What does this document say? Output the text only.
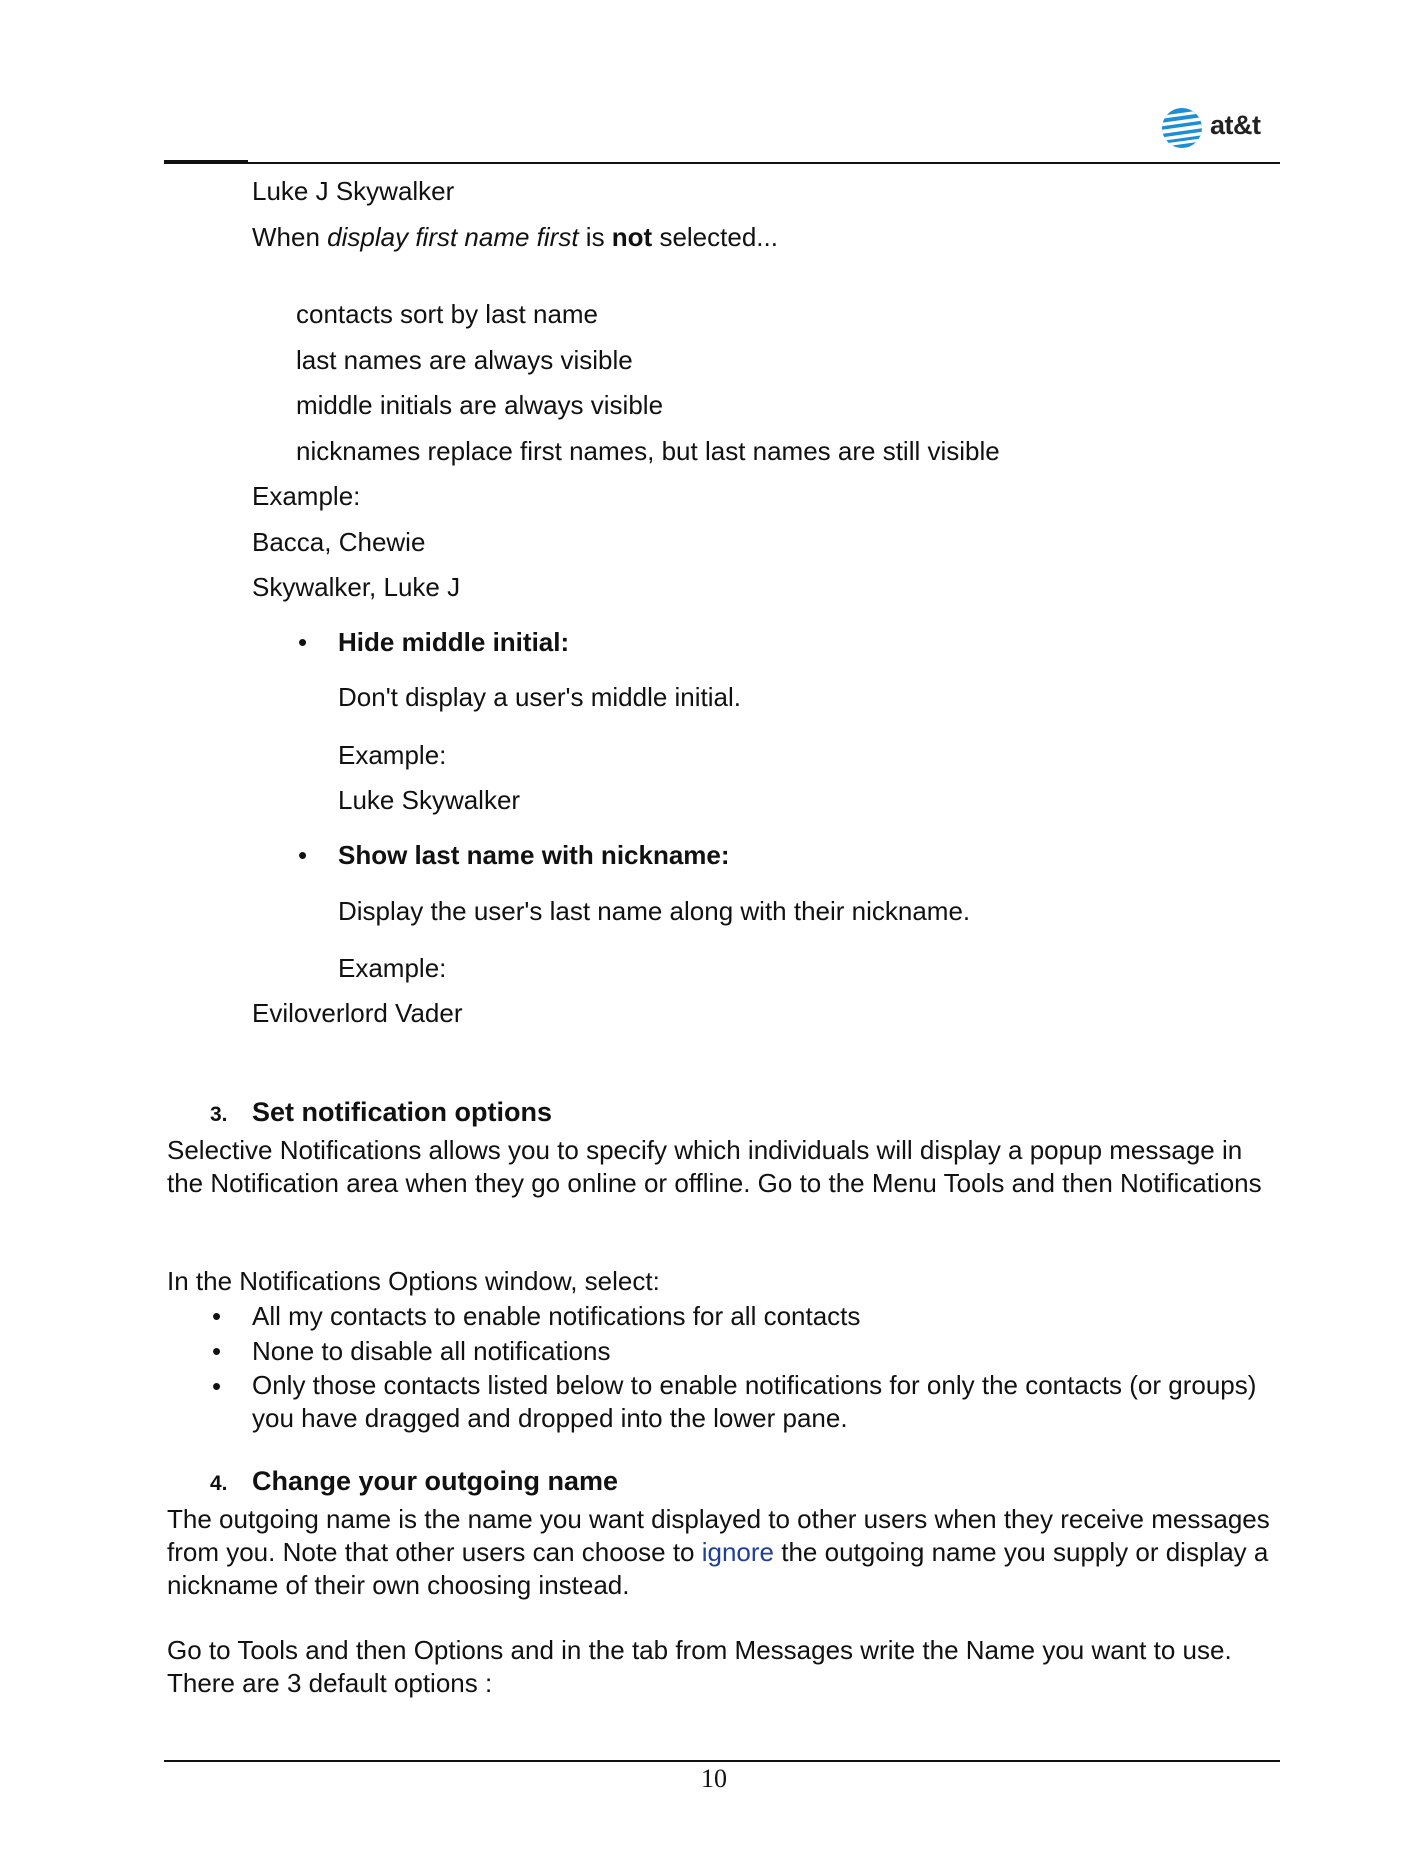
at&t
Luke J Skywalker
When display first name first is not selected...
contacts sort by last name
last names are always visible
middle initials are always visible
nicknames replace first names, but last names are still visible
Example:
Bacca, Chewie
Skywalker, Luke J
• Hide middle initial:
Don't display a user's middle initial.
Example:
Luke Skywalker
• Show last name with nickname:
Display the user's last name along with their nickname.
Example:
Eviloverlord Vader
3. Set notification options
Selective Notifications allows you to specify which individuals will display a popup message in the Notification area when they go online or offline. Go to the Menu Tools and then Notifications
In the Notifications Options window, select:
• All my contacts to enable notifications for all contacts
• None to disable all notifications
• Only those contacts listed below to enable notifications for only the contacts (or groups) you have dragged and dropped into the lower pane.
4. Change your outgoing name
The outgoing name is the name you want displayed to other users when they receive messages from you. Note that other users can choose to ignore the outgoing name you supply or display a nickname of their own choosing instead.
Go to Tools and then Options and in the tab from Messages write the Name you want to use. There are 3 default options :
10
